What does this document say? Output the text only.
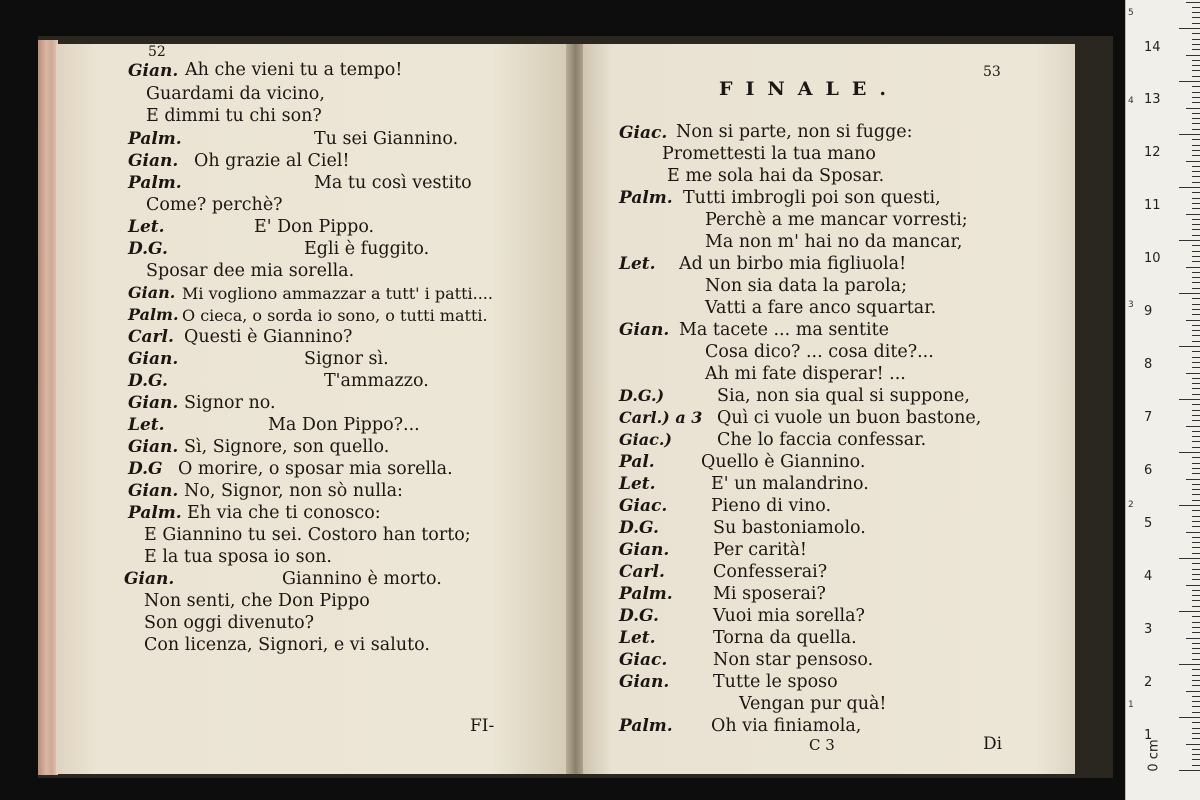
52
Gian. Ah che vieni tu a tempo!
Guardami da vicino,
E dimmi tu chi son?
Palm.	Tu sei Giannino.
Gian. Oh grazie al Ciel!
Palm.	Ma tu così vestito
Come? perchè?
Let.	E' Don Pippo.
D.G.	Egli è fuggito.
Sposar dee mia sorella.
Gian. Mi vogliono ammazzar a tutt' i patti....
Palm. O cieca, o sorda io sono, o tutti matti.
Carl. Questi è Giannino?
Gian.	Signor sì.
D.G.	T'ammazzo.
Gian. Signor no.
Let.	Ma Don Pippo?...
Gian. Sì, Signore, son quello.
D.G O morire, o sposar mia sorella.
Gian. No, Signor, non sò nulla:
Palm. Eh via che ti conosco:
E Giannino tu sei. Costoro han torto;
E la tua sposa io son.
Gian.	Giannino è morto.
Non senti, che Don Pippo
Son oggi divenuto?
Con licenza, Signori, e vi saluto.
FI-
FINALE.
53
Giac. Non si parte, non si fugge:
Promettesti la tua mano
E me sola hai da Sposar.
Palm. Tutti imbrogli poi son questi,
Perchè a me mancar vorresti;
Ma non m' hai no da mancar,
Let. Ad un birbo mia figliuola!
Non sia data la parola;
Vatti a fare anco squartar.
Gian. Ma tacete ... ma sentite
Cosa dico? ... cosa dite?...
Ah mi fate disperar! ...
D.G.)	Sia, non sia qual si suppone,
Carl.) a 3 Quì ci vuole un buon bastone,
Giac.)	Che lo faccia confessar.
Pal.	Quello è Giannino.
Let.	E' un malandrino.
Giac. Pieno di vino.
D.G.	Su bastoniamolo.
Gian. Per carità!
Carl.	Confesserai?
Palm. Mi sposerai?
D.G.	Vuoi mia sorella?
Let.	Torna da quella.
Giac.	Non star pensoso.
Gian. Tutte le sposo
Vengan pur quà!
Palm. Oh via finiamola,
C 3	Di
14
13
12
11
10
9
8
7
6
5
4
3
2
1
5
4
3
2
1
0 cm
